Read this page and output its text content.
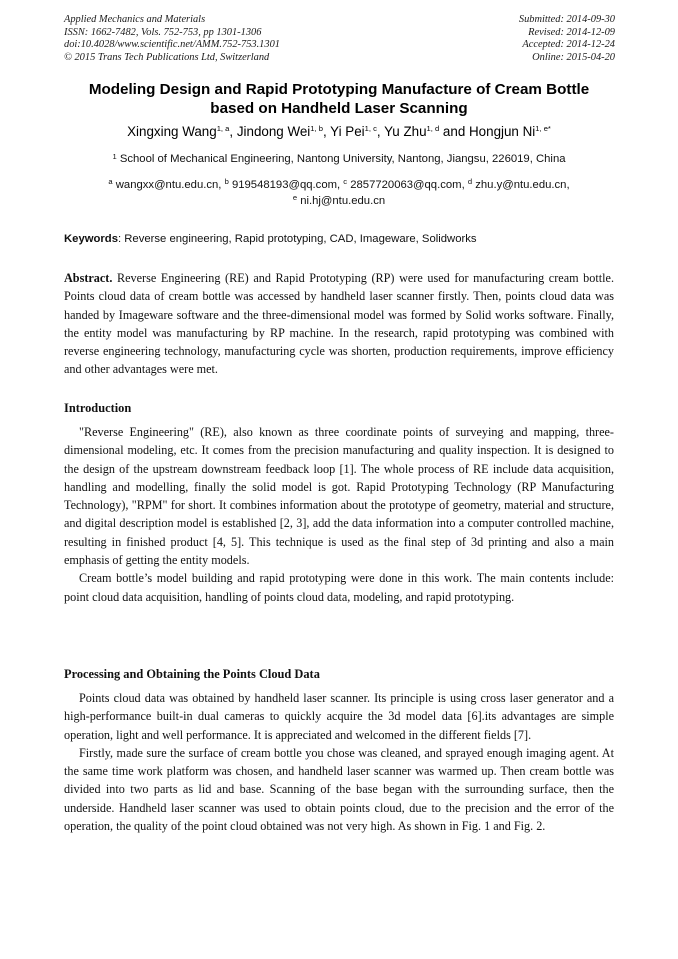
Applied Mechanics and Materials
ISSN: 1662-7482, Vols. 752-753, pp 1301-1306
doi:10.4028/www.scientific.net/AMM.752-753.1301
© 2015 Trans Tech Publications Ltd, Switzerland
Submitted: 2014-09-30
Revised: 2014-12-09
Accepted: 2014-12-24
Online: 2015-04-20
Modeling Design and Rapid Prototyping Manufacture of Cream Bottle
based on Handheld Laser Scanning
Xingxing Wang$^{1, a}$, Jindong Wei$^{1, b}$, Yi Pei$^{1, c}$, Yu Zhu$^{1, d}$ and Hongjun $Ni^{1, e*}$
$^1$ School of Mechanical Engineering, Nantong University, Nantong, Jiangsu, 226019, China
$^a$ wangxx@ntu.edu.cn, $^b$ 919548193@qq.com, $^c$ 2857720063@qq.com, $^d$ zhu.y@ntu.edu.cn,
$^e$ ni.hj@ntu.edu.cn
Keywords: Reverse engineering, Rapid prototyping, CAD, Imageware, Solidworks

Abstract. Reverse Engineering (RE) and Rapid Prototyping (RP) were used for manufacturing cream bottle. Points cloud data of cream bottle was accessed by handheld laser scanner firstly. Then, points cloud data was handed by Imageware software and the three-dimensional model was formed by Solid works software. Finally, the entity model was manufacturing by RP machine. In the research, rapid prototyping was combined with reverse engineering technology, manufacturing cycle was shorten, production requirements, improve efficiency and other advantages were met.

Introduction

"Reverse Engineering" (RE), also known as three coordinate points of surveying and mapping, three-dimensional modeling, etc. It comes from the precision manufacturing and quality inspection. It is designed to the design of the upstream downstream feedback loop [1]. The whole process of RE include data acquisition, handling and modelling, finally the solid model is got. Rapid Prototyping Technology (RP Manufacturing Technology), "RPM" for short. It combines information about the prototype of geometry, material and structure, and digital description model is established [2, 3], add the data information into a computer controlled machine, resulting in finished product [4, 5]. This technique is used as the final step of 3d printing and also a main emphasis of getting the entity models.

Cream bottle’s model building and rapid prototyping were done in this work. The main contents include: point cloud data acquisition, handling of points cloud data, modeling, and rapid prototyping.

Processing and Obtaining the Points Cloud Data

Points cloud data was obtained by handheld laser scanner. Its principle is using cross laser generator and a high-performance built-in dual cameras to quickly acquire the 3d model data [6].its advantages are simple operation, light and well performance. It is appreciated and welcomed in the different fields [7].

Firstly, made sure the surface of cream bottle you chose was cleaned, and sprayed enough imaging agent. At the same time work platform was chosen, and handheld laser scanner was warmed up. Then cream bottle was divided into two parts as lid and base. Scanning of the base began with the surrounding surface, then the underside. Handheld laser scanner was used to obtain points cloud, due to the precision and the error of the operation, the quality of the point cloud obtained was not very high. As shown in Fig. 1 and Fig. 2.
